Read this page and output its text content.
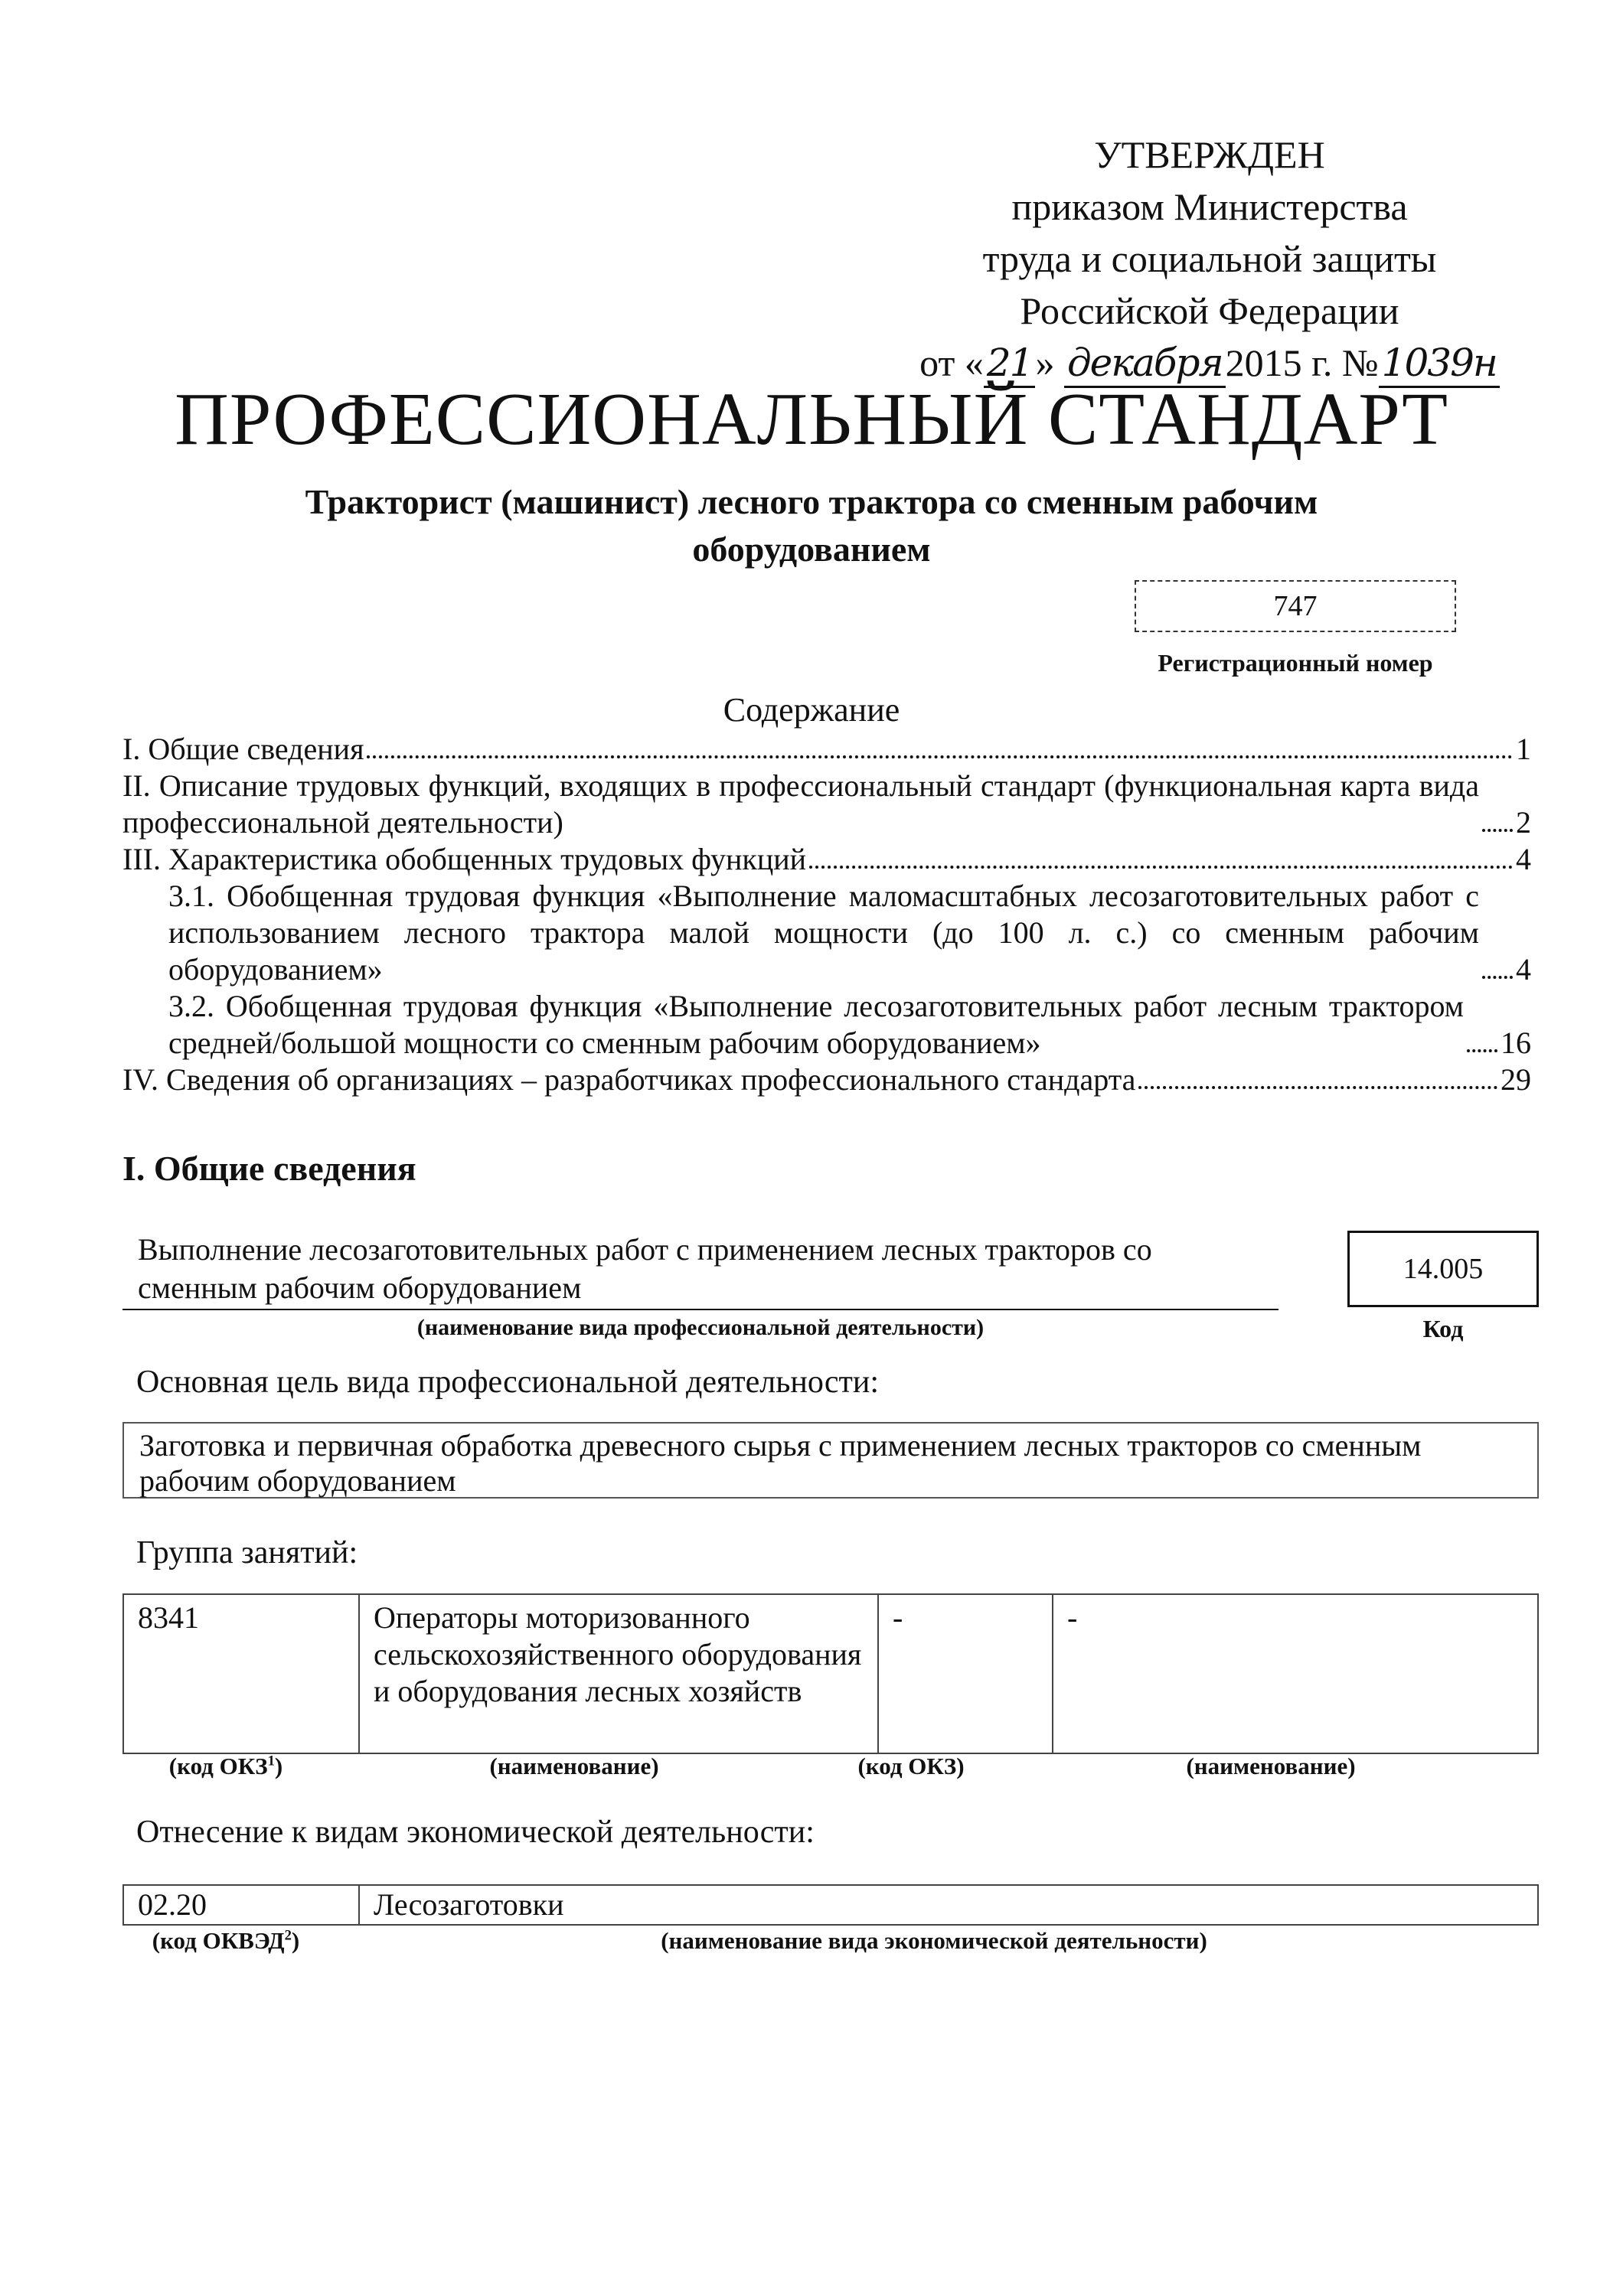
УТВЕРЖДЕН
приказом Министерства
труда и социальной защиты
Российской Федерации
от «21» декабря2015 г. №1039н
ПРОФЕССИОНАЛЬНЫЙ СТАНДАРТ
Тракторист (машинист) лесного трактора со сменным рабочим
оборудованием
747
Регистрационный номер
Содержание
I. Общие сведения	1
II. Описание трудовых функций, входящих в профессиональный стандарт (функциональная карта вида профессиональной деятельности)	2
III. Характеристика обобщенных трудовых функций	4
3.1. Обобщенная трудовая функция «Выполнение маломасштабных лесозаготовительных работ с использованием лесного трактора малой мощности (до 100 л. с.) со сменным рабочим оборудованием»	4
3.2. Обобщенная трудовая функция «Выполнение лесозаготовительных работ лесным трактором средней/большой мощности со сменным рабочим оборудованием»	16
IV. Сведения об организациях – разработчиках профессионального стандарта	29
I. Общие сведения
Выполнение лесозаготовительных работ с применением лесных тракторов со сменным рабочим оборудованием
(наименование вида профессиональной деятельности)
14.005
Код
Основная цель вида профессиональной деятельности:
Заготовка и первичная обработка древесного сырья с применением лесных тракторов со сменным рабочим оборудованием
Группа занятий:
8341	Операторы моторизованного сельскохозяйственного оборудования и оборудования лесных хозяйств	-	-
(код ОКЗ$^1$)	(наименование)	(код ОКЗ)	(наименование)
Отнесение к видам экономической деятельности:
02.20	Лесозаготовки
(код ОКВЭД$^2$)	(наименование вида экономической деятельности)
